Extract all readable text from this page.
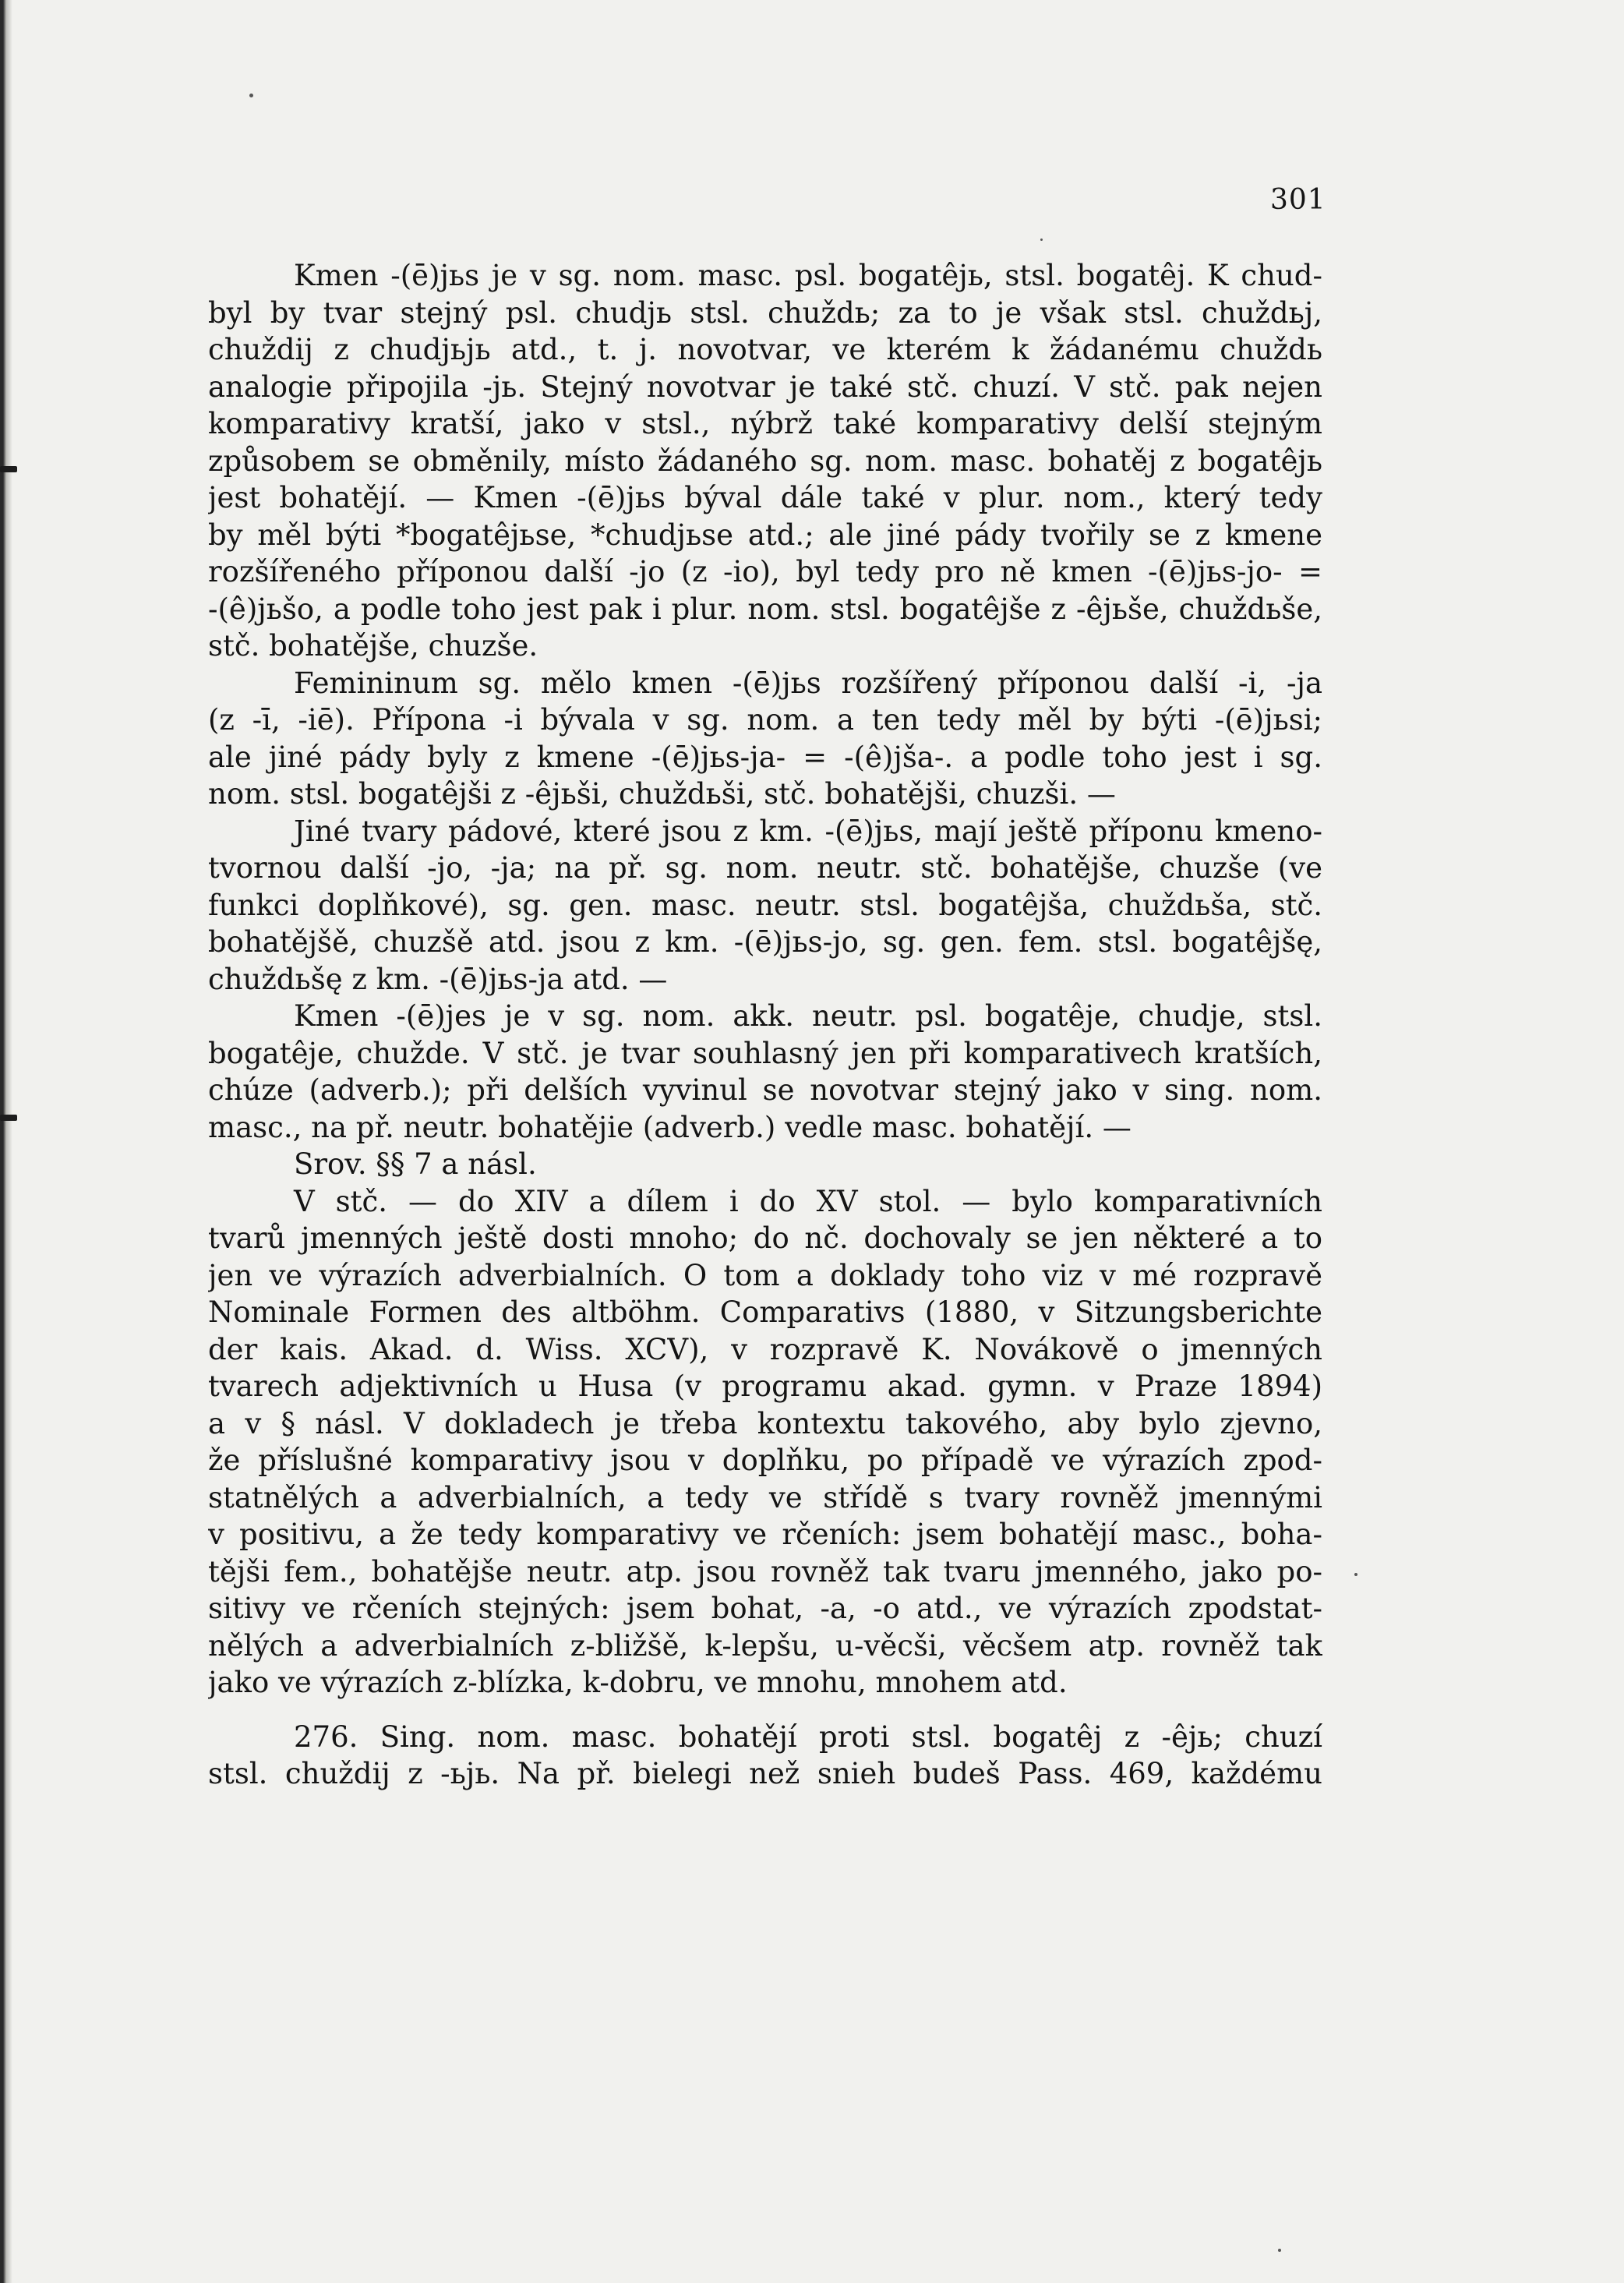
301
Kmen -(ē)jьs je v sg. nom. masc. psl. bogatêjь, stsl. bogatêj. K chud-
byl by tvar stejný psl. chudjь stsl. chuždь; za to je však stsl. chuždьj,
chuždij z chudjьjь atd., t. j. novotvar, ve kterém k žádanému chuždь
analogie připojila -jь. Stejný novotvar je také stč. chuzí. V stč. pak nejen
komparativy kratší, jako v stsl., nýbrž také komparativy delší stejným
způsobem se obměnily, místo žádaného sg. nom. masc. bohatěj z bogatêjь
jest bohatějí. — Kmen -(ē)jьs býval dále také v plur. nom., který tedy
by měl býti *bogatêjьse, *chudjьse atd.; ale jiné pády tvořily se z kmene
rozšířeného příponou další -jo (z -io), byl tedy pro ně kmen -(ē)jьs-jo- =
-(ê)jьšo, a podle toho jest pak i plur. nom. stsl. bogatêjše z -êjьše, chuždьše,
stč. bohatějše, chuzše.
Femininum sg. mělo kmen -(ē)jьs rozšířený příponou další -i, -ja
(z -ī, -iē). Přípona -i bývala v sg. nom. a ten tedy měl by býti -(ē)jьsi;
ale jiné pády byly z kmene -(ē)jьs-ja- = -(ê)jša-. a podle toho jest i sg.
nom. stsl. bogatêjši z -êjьši, chuždьši, stč. bohatějši, chuzši. —
Jiné tvary pádové, které jsou z km. -(ē)jьs, mají ještě příponu kmeno-
tvornou další -jo, -ja; na př. sg. nom. neutr. stč. bohatějše, chuzše (ve
funkci doplňkové), sg. gen. masc. neutr. stsl. bogatêjša, chuždьša, stč.
bohatějšě, chuzšě atd. jsou z km. -(ē)jьs-jo, sg. gen. fem. stsl. bogatêjšę,
chuždьšę z km. -(ē)jьs-ja atd. —
Kmen -(ē)jes je v sg. nom. akk. neutr. psl. bogatêje, chudje, stsl.
bogatêje, chužde. V stč. je tvar souhlasný jen při komparativech kratších,
chúze (adverb.); při delších vyvinul se novotvar stejný jako v sing. nom.
masc., na př. neutr. bohatějie (adverb.) vedle masc. bohatějí. —
Srov. §§ 7 a násl.
V stč. — do XIV a dílem i do XV stol. — bylo komparativních
tvarů jmenných ještě dosti mnoho; do nč. dochovaly se jen některé a to
jen ve výrazích adverbialních. O tom a doklady toho viz v mé rozpravě
Nominale Formen des altböhm. Comparativs (1880, v Sitzungsberichte
der kais. Akad. d. Wiss. XCV), v rozpravě K. Novákově o jmenných
tvarech adjektivních u Husa (v programu akad. gymn. v Praze 1894)
a v § násl. V dokladech je třeba kontextu takového, aby bylo zjevno,
že příslušné komparativy jsou v doplňku, po případě ve výrazích zpod-
statnělých a adverbialních, a tedy ve střídě s tvary rovněž jmennými
v positivu, a že tedy komparativy ve rčeních: jsem bohatějí masc., boha-
tějši fem., bohatějše neutr. atp. jsou rovněž tak tvaru jmenného, jako po-
sitivy ve rčeních stejných: jsem bohat, -a, -o atd., ve výrazích zpodstat-
nělých a adverbialních z-bližšě, k-lepšu, u-věcši, věcšem atp. rovněž tak
jako ve výrazích z-blízka, k-dobru, ve mnohu, mnohem atd.
276. Sing. nom. masc. bohatějí proti stsl. bogatêj z -êjь; chuzí
stsl. chuždij z -ьjь. Na př. bielegi než snieh budeš Pass. 469, každému
